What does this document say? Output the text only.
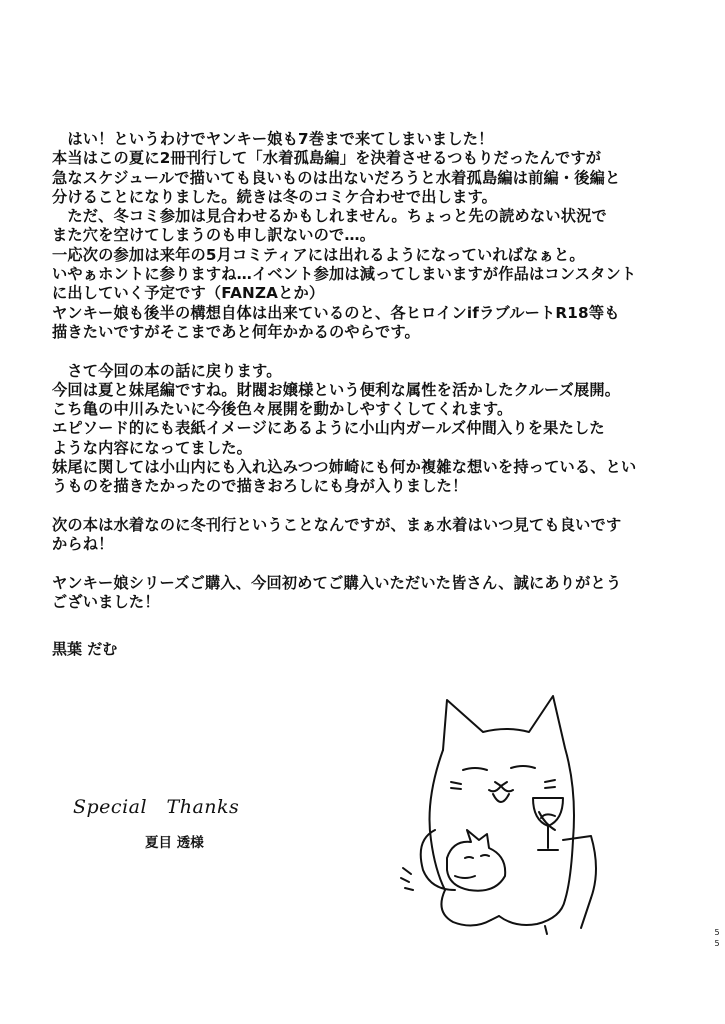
　はい！というわけでヤンキー娘も7巻まで来てしまいました！
本当はこの夏に2冊刊行して「水着孤島編」を決着させるつもりだったんですが
急なスケジュールで描いても良いものは出ないだろうと水着孤島編は前編・後編と
分けることになりました。続きは冬のコミケ合わせで出します。
　ただ、冬コミ参加は見合わせるかもしれません。ちょっと先の読めない状況で
また穴を空けてしまうのも申し訳ないので…。
一応次の参加は来年の5月コミティアには出れるようになっていればなぁと。
いやぁホントに参りますね…イベント参加は減ってしまいますが作品はコンスタント
に出していく予定です（FANZAとか）
ヤンキー娘も後半の構想自体は出来ているのと、各ヒロインifラブルートR18等も
描きたいですがそこまであと何年かかるのやらです。
　さて今回の本の話に戻ります。
今回は夏と妹尾編ですね。財閥お嬢様という便利な属性を活かしたクルーズ展開。
こち亀の中川みたいに今後色々展開を動かしやすくしてくれます。
エピソード的にも表紙イメージにあるように小山内ガールズ仲間入りを果たした
ような内容になってました。
妹尾に関しては小山内にも入れ込みつつ姉崎にも何か複雑な想いを持っている、とい
うものを描きたかったので描きおろしにも身が入りました！
次の本は水着なのに冬刊行ということなんですが、まぁ水着はいつ見ても良いです
からね！
ヤンキー娘シリーズご購入、今回初めてご購入いただいた皆さん、誠にありがとう
ございました！
黒葉 だむ
Special　Thanks
夏目 透様
5
5
